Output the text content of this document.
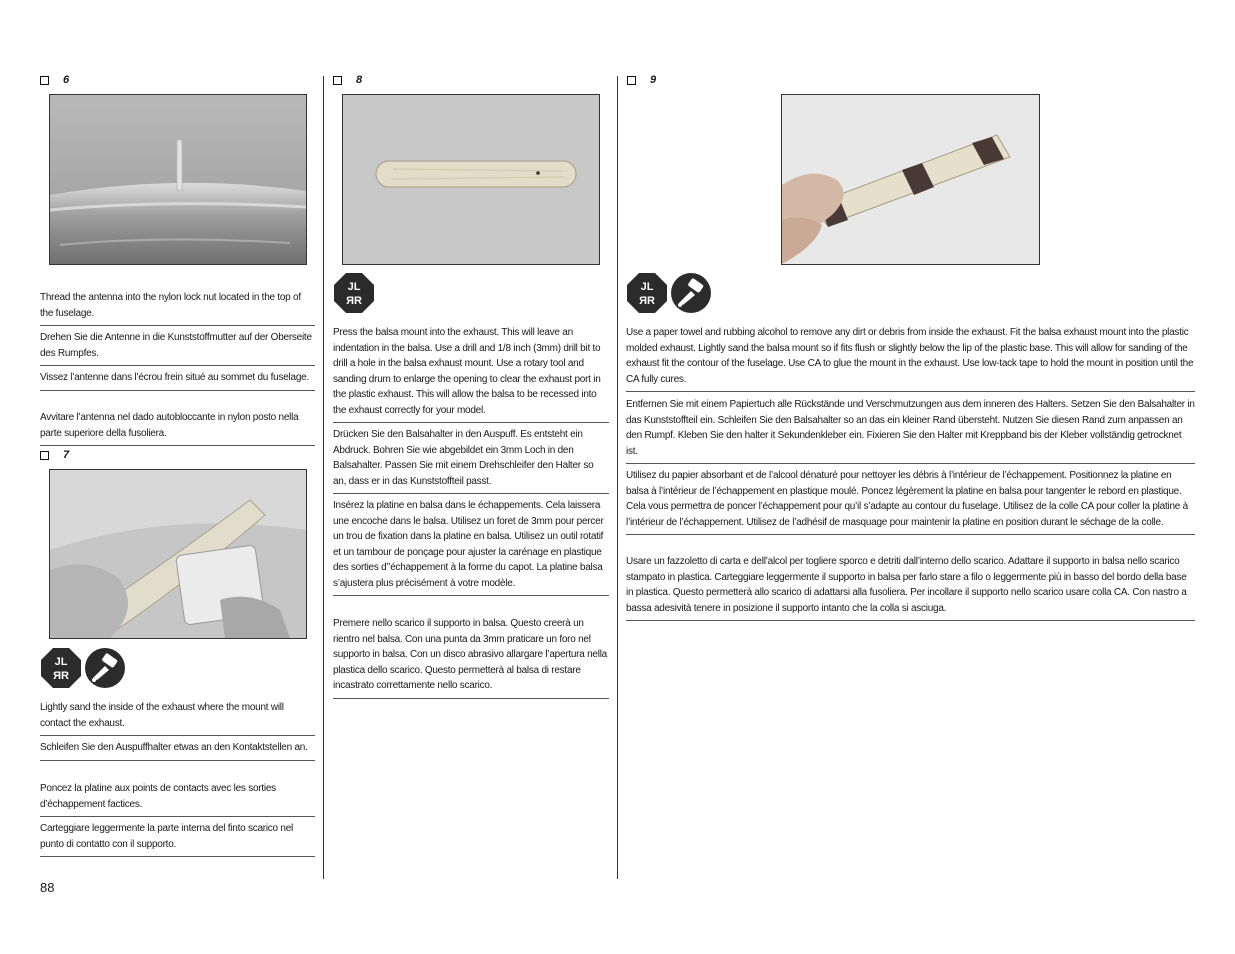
6
Thread the antenna into the nylon lock nut located in the top of the fuselage.
Drehen Sie die Antenne in die Kunststoffmutter auf der Oberseite des Rumpfes.
Vissez l’antenne dans l’écrou frein situé au sommet du fuselage.
Avvitare l’antenna nel dado autobloccante in nylon posto nella parte superiore della fusoliera.
7
JL
ЯR
Lightly sand the inside of the exhaust where the mount will contact the exhaust.
Schleifen Sie den Auspuffhalter etwas an den Kontaktstellen an.
Poncez la platine aux points de contacts avec les sorties d’échappement factices.
Carteggiare leggermente la parte interna del finto scarico nel punto di contatto con il supporto.
88
8
JL
ЯR
Press the balsa mount into the exhaust. This will leave an indentation in the balsa. Use a drill and 1/8 inch (3mm) drill bit to drill a hole in the balsa exhaust mount. Use a rotary tool and sanding drum to enlarge the opening to clear the exhaust port in the plastic exhaust. This will allow the balsa to be recessed into the exhaust correctly for your model.
Drücken Sie den Balsahalter in den Auspuff. Es entsteht ein Abdruck. Bohren Sie wie abgebildet ein 3mm Loch in den Balsahalter. Passen Sie mit einem Drehschleifer den Halter so an, dass er in das Kunststoffteil passt.
Insérez la platine en balsa dans le échappements. Cela laissera une encoche dans le balsa. Utilisez un foret de 3mm pour percer un trou de fixation dans la platine en balsa. Utilisez un outil rotatif et un tambour de ponçage pour ajuster la carénage en plastique des sorties d’’échappement à la forme du capot. La platine balsa s’ajustera plus précisément à votre modèle.
Premere nello scarico il supporto in balsa. Questo creerà un rientro nel balsa. Con una punta da 3mm praticare un foro nel supporto in balsa. Con un disco abrasivo allargare l’apertura nella plastica dello scarico. Questo permetterà al balsa di restare incastrato correttamente nello scarico.
9
JL
ЯR
Use a paper towel and rubbing alcohol to remove any dirt or debris from inside the exhaust. Fit the balsa exhaust mount into the plastic molded exhaust. Lightly sand the balsa mount so if fits flush or slightly below the lip of the plastic base. This will allow for sanding of the exhaust fit the contour of the fuselage. Use CA to glue the mount in the exhaust. Use low-tack tape to hold the mount in position until the CA fully cures.
Entfernen Sie mit einem Papiertuch alle Rückstände und Verschmutzungen aus dem inneren des Halters. Setzen Sie den Balsahalter in das Kunststoffteil ein. Schleifen Sie den Balsahalter so an das ein kleiner Rand übersteht. Nutzen Sie diesen Rand zum anpassen an den Rumpf. Kleben Sie den halter it Sekundenkleber ein. Fixieren Sie den Halter mit Kreppband bis der Kleber vollständig getrocknet ist.
Utilisez du papier absorbant et de l’alcool dénaturé pour nettoyer les débris à l’intérieur de l’échappement. Positionnez la platine en balsa à l’intérieur de l’échappement en plastique moulé. Poncez légèrement la platine en balsa pour tangenter le rebord en plastique. Cela vous permettra de poncer l’échappement pour qu’il s’adapte au contour du fuselage. Utilisez de la colle CA pour coller la platine à l’intérieur de l’échappement. Utilisez de l’adhésif de masquage pour maintenir la platine en position durant le séchage de la colle.
Usare un fazzoletto di carta e dell’alcol per togliere sporco e detriti dall’interno dello scarico. Adattare il supporto in balsa nello scarico stampato in plastica. Carteggiare leggermente il supporto in balsa per farlo stare a filo o leggermente più in basso del bordo della base in plastica. Questo permetterà allo scarico di adattarsi alla fusoliera. Per incollare il supporto nello scarico usare colla CA. Con nastro a bassa adesività tenere in posizione il supporto intanto che la colla si asciuga.
